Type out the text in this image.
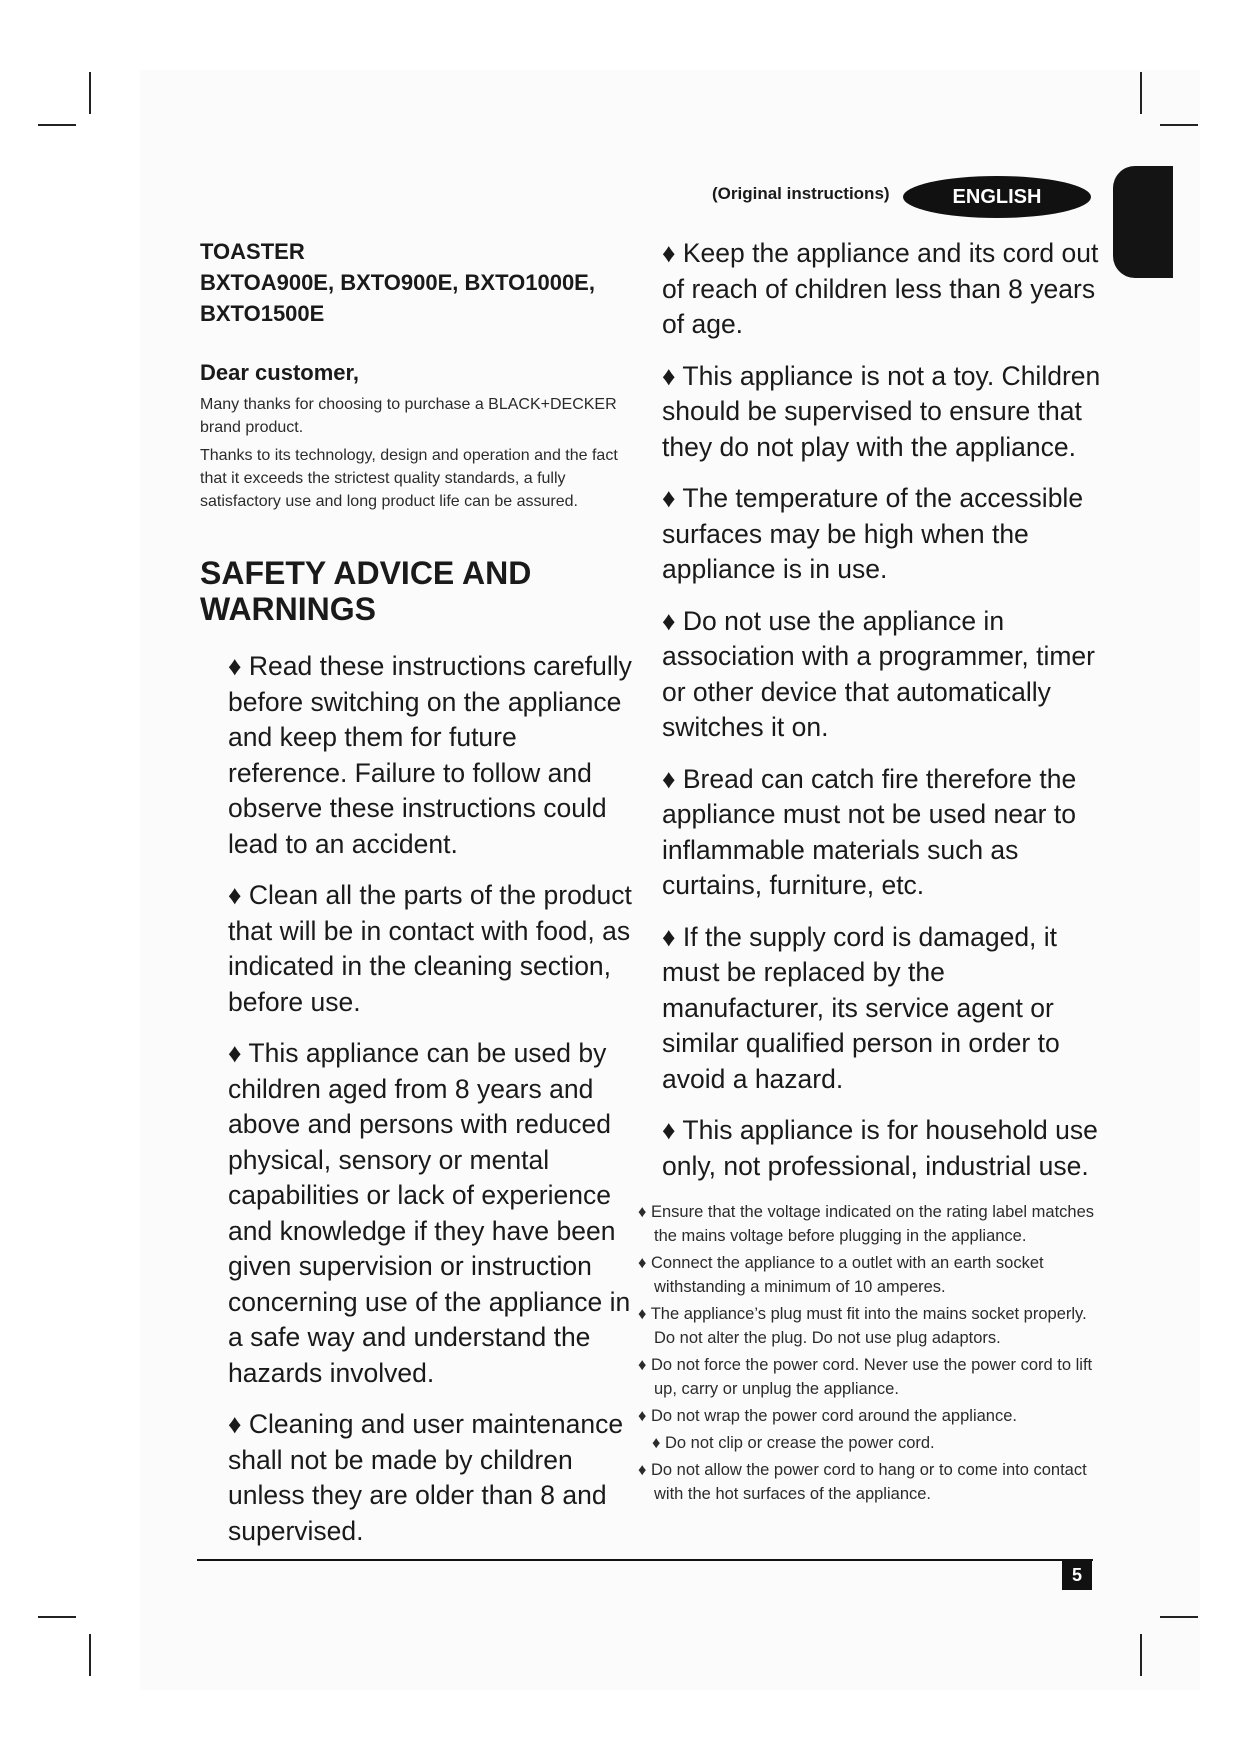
(Original instructions)	ENGLISH

TOASTER
BXTOA900E, BXTO900E, BXTO1000E,
BXTO1500E

Dear customer,

Many thanks for choosing to purchase a BLACK+DECKER brand product.

Thanks to its technology, design and operation and the fact that it exceeds the strictest quality standards, a fully satisfactory use and long product life can be assured.

SAFETY ADVICE AND WARNINGS

♦ Read these instructions carefully before switching on the appliance and keep them for future reference. Failure to follow and observe these instructions could lead to an accident.

♦ Clean all the parts of the product that will be in contact with food, as indicated in the cleaning section, before use.

♦ This appliance can be used by children aged from 8 years and above and persons with reduced physical, sensory or mental capabilities or lack of experience and knowledge if they have been given supervision or instruction concerning use of the appliance in a safe way and understand the hazards involved.

♦ Cleaning and user maintenance shall not be made by children unless they are older than 8 and supervised.

♦ Keep the appliance and its cord out of reach of children less than 8 years of age.

♦ This appliance is not a toy. Children should be supervised to ensure that they do not play with the appliance.

♦ The temperature of the accessible surfaces may be high when the appliance is in use.

♦ Do not use the appliance in association with a programmer, timer or other device that automatically switches it on.

♦ Bread can catch fire therefore the appliance must not be used near to inflammable materials such as curtains, furniture, etc.

♦ If the supply cord is damaged, it must be replaced by the manufacturer, its service agent or similar qualified person in order to avoid a hazard.

♦ This appliance is for household use only, not professional, industrial use.

♦ Ensure that the voltage indicated on the rating label matches the mains voltage before plugging in the appliance.

♦ Connect the appliance to a outlet with an earth socket withstanding a minimum of 10 amperes.

♦ The appliance’s plug must fit into the mains socket properly. Do not alter the plug. Do not use plug adaptors.

♦ Do not force the power cord. Never use the power cord to lift up, carry or unplug the appliance.

♦ Do not wrap the power cord around the appliance.

♦ Do not clip or crease the power cord.

♦ Do not allow the power cord to hang or to come into contact with the hot surfaces of the appliance.

5
